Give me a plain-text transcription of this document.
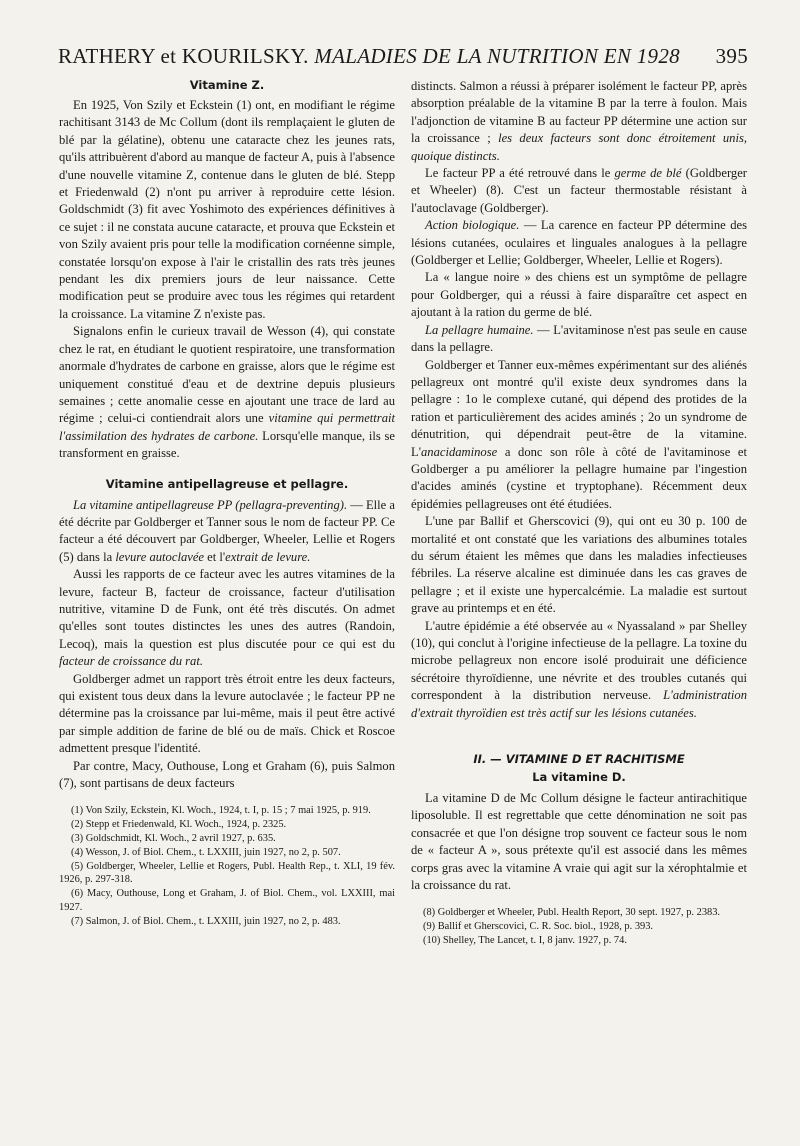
RATHERY et KOURILSKY. MALADIES DE LA NUTRITION EN 1928 395
Vitamine Z.

En 1925, Von Szily et Eckstein (1) ont, en modifiant le régime rachitisant 3143 de Mc Collum (dont ils remplaçaient le gluten de blé par la gélatine), obtenu une cataracte chez les jeunes rats, qu'ils attribuèrent d'abord au manque de facteur A, puis à l'absence d'une nouvelle vitamine Z, contenue dans le gluten de blé. Stepp et Friedenwald (2) n'ont pu arriver à reproduire cette lésion. Goldschmidt (3) fit avec Yoshimoto des expériences définitives à ce sujet : il ne constata aucune cataracte, et prouva que Eckstein et von Szily avaient pris pour telle la modification cornéenne simple, constatée lorsqu'on expose à l'air le cristallin des rats très jeunes pendant les dix premiers jours de leur naissance. Cette modification peut se produire avec tous les régimes qui retardent la croissance. La vitamine Z n'existe pas.

Signalons enfin le curieux travail de Wesson (4), qui constate chez le rat, en étudiant le quotient respiratoire, une transformation anormale d'hydrates de carbone en graisse, alors que le régime est uniquement constitué d'eau et de dextrine depuis plusieurs semaines ; cette anomalie cesse en ajoutant une trace de lard au régime ; celui-ci contiendrait alors une vitamine qui permettrait l'assimilation des hydrates de carbone. Lorsqu'elle manque, ils se transforment en graisse.

Vitamine antipellagreuse et pellagre.

La vitamine antipellagreuse PP (pellagra-preventing). — Elle a été décrite par Goldberger et Tanner sous le nom de facteur PP. Ce facteur a été découvert par Goldberger, Wheeler, Lellie et Rogers (5) dans la levure autoclavée et l'extrait de levure.

Aussi les rapports de ce facteur avec les autres vitamines de la levure, facteur B, facteur de croissance, facteur d'utilisation nutritive, vitamine D de Funk, ont été très discutés. On admet qu'elles sont toutes distinctes les unes des autres (Randoin, Lecoq), mais la question est plus discutée pour ce qui est du facteur de croissance du rat.

Goldberger admet un rapport très étroit entre les deux facteurs, qui existent tous deux dans la levure autoclavée ; le facteur PP ne détermine pas la croissance par lui-même, mais il peut être activé par simple addition de farine de blé ou de maïs. Chick et Roscoe admettent presque l'identité.

Par contre, Macy, Outhouse, Long et Graham (6), puis Salmon (7), sont partisans de deux facteurs

(1) Von Szily, Eckstein, Kl. Woch., 1924, t. I, p. 15 ; 7 mai 1925, p. 919.

(2) Stepp et Friedenwald, Kl. Woch., 1924, p. 2325.

(3) Goldschmidt, Kl. Woch., 2 avril 1927, p. 635.

(4) Wesson, J. of Biol. Chem., t. LXXIII, juin 1927, no 2, p. 507.

(5) Goldberger, Wheeler, Lellie et Rogers, Publ. Health Rep., t. XLI, 19 fév. 1926, p. 297-318.

(6) Macy, Outhouse, Long et Graham, J. of Biol. Chem., vol. LXXIII, mai 1927.

(7) Salmon, J. of Biol. Chem., t. LXXIII, juin 1927, no 2, p. 483.

distincts. Salmon a réussi à préparer isolément le facteur PP, après absorption préalable de la vitamine B par la terre à foulon. Mais l'adjonction de vitamine B au facteur PP détermine une action sur la croissance ; les deux facteurs sont donc étroitement unis, quoique distincts.

Le facteur PP a été retrouvé dans le germe de blé (Goldberger et Wheeler) (8). C'est un facteur thermostable résistant à l'autoclavage (Goldberger).

Action biologique. — La carence en facteur PP détermine des lésions cutanées, oculaires et linguales analogues à la pellagre (Goldberger et Lellie; Goldberger, Wheeler, Lellie et Rogers).

La « langue noire » des chiens est un symptôme de pellagre pour Goldberger, qui a réussi à faire disparaître cet aspect en ajoutant à la ration du germe de blé.

La pellagre humaine. — L'avitaminose n'est pas seule en cause dans la pellagre.

Goldberger et Tanner eux-mêmes expérimentant sur des aliénés pellagreux ont montré qu'il existe deux syndromes dans la pellagre : 1o le complexe cutané, qui dépend des protides de la ration et particulièrement des acides aminés ; 2o un syndrome de dénutrition, qui dépendrait peut-être de la vitamine. L'anacidaminose a donc son rôle à côté de l'avitaminose et Goldberger a pu améliorer la pellagre humaine par l'ingestion d'acides aminés (cystine et tryptophane). Récemment deux épidémies pellagreuses ont été étudiées.

L'une par Ballif et Gherscovici (9), qui ont eu 30 p. 100 de mortalité et ont constaté que les variations des albumines totales du sérum étaient les mêmes que dans les maladies infectieuses fébriles. La réserve alcaline est diminuée dans les cas graves de pellagre ; et il existe une hypercalcémie. La maladie est surtout grave au printemps et en été.

L'autre épidémie a été observée au « Nyassaland » par Shelley (10), qui conclut à l'origine infectieuse de la pellagre. La toxine du microbe pellagreux non encore isolé produirait une déficience sécrétoire thyroïdienne, une névrite et des troubles cutanés qui correspondent à la distribution nerveuse. L'administration d'extrait thyroïdien est très actif sur les lésions cutanées.

II. — VITAMINE D ET RACHITISME
La vitamine D.

La vitamine D de Mc Collum désigne le facteur antirachitique liposoluble. Il est regrettable que cette dénomination ne soit pas consacrée et que l'on désigne trop souvent ce facteur sous le nom de « facteur A », sous prétexte qu'il est associé dans les mêmes corps gras avec la vitamine A vraie qui agit sur la xérophtalmie et la croissance du rat.

(8) Goldberger et Wheeler, Publ. Health Report, 30 sept. 1927, p. 2383.

(9) Ballif et Gherscovici, C. R. Soc. biol., 1928, p. 393.

(10) Shelley, The Lancet, t. I, 8 janv. 1927, p. 74.
